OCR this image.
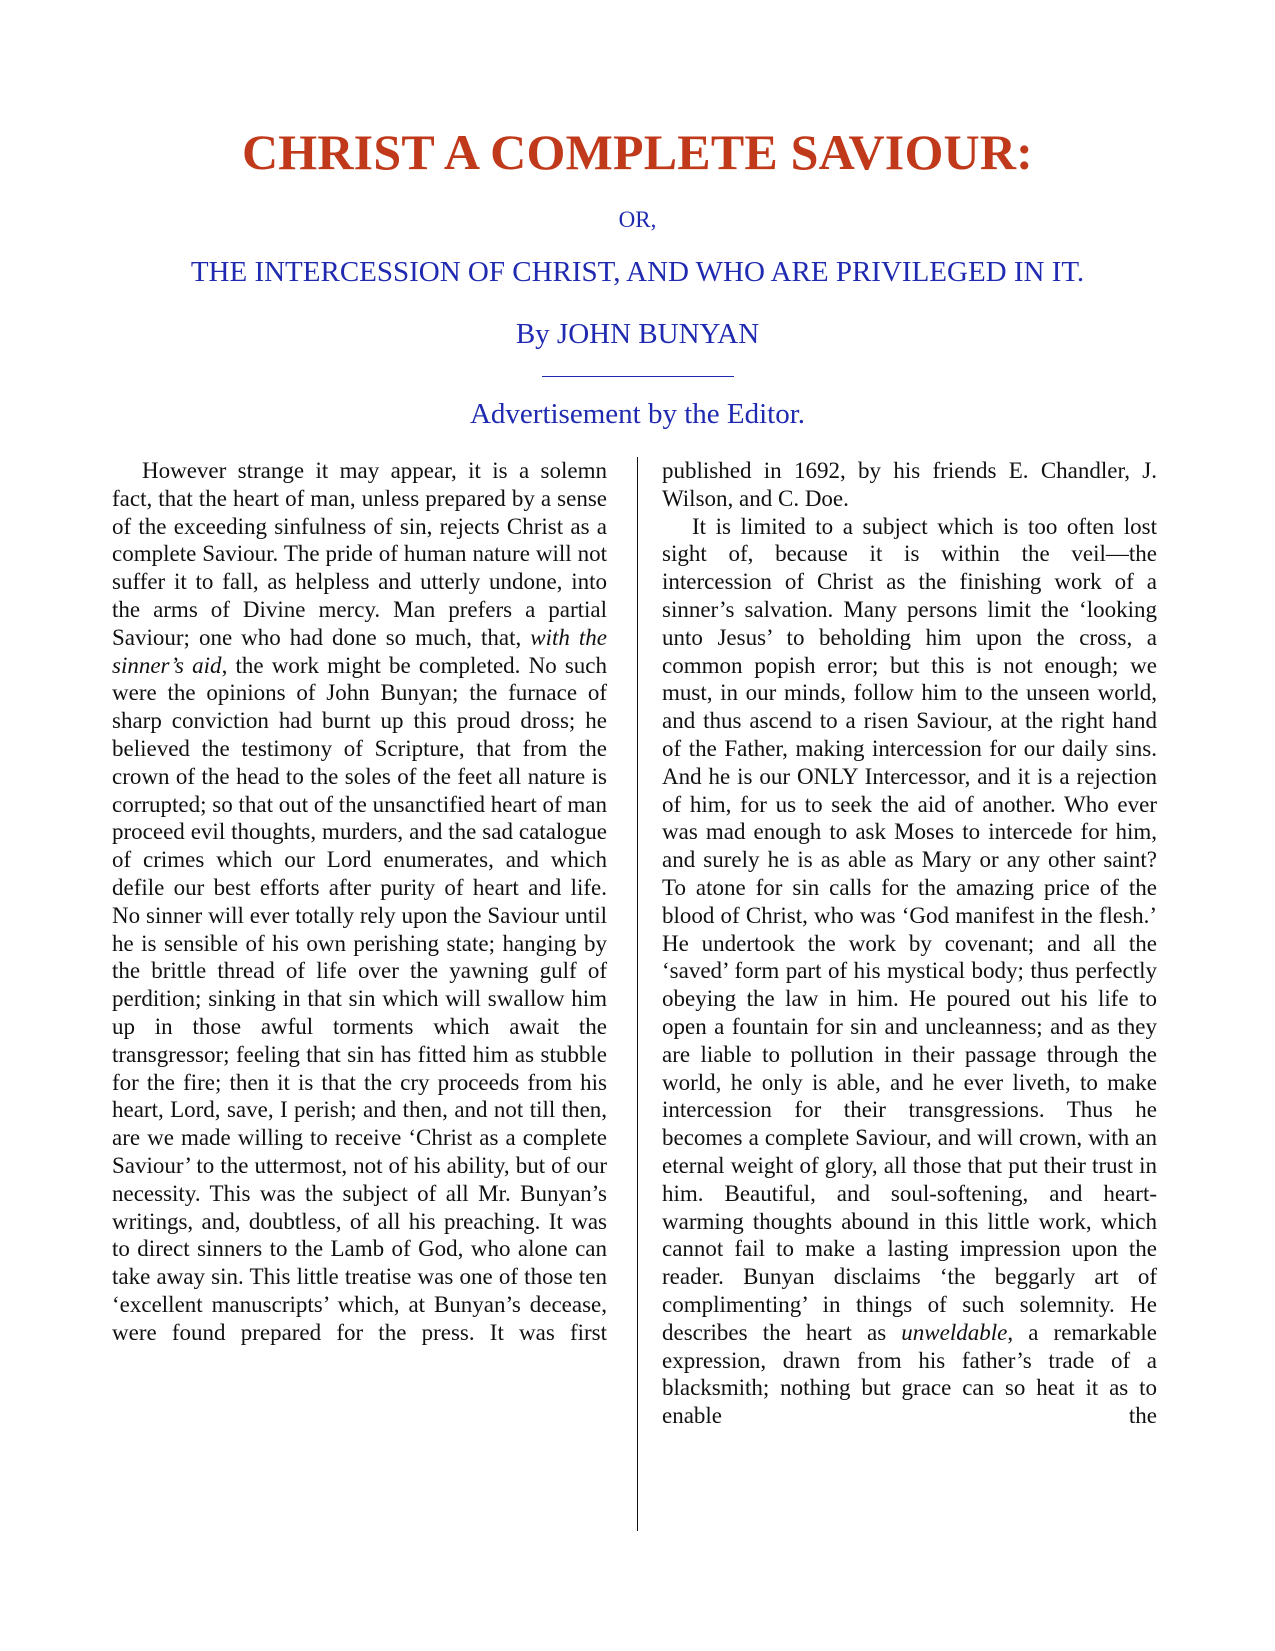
CHRIST A COMPLETE SAVIOUR:
OR,
THE INTERCESSION OF CHRIST, AND WHO ARE PRIVILEGED IN IT.
By JOHN BUNYAN
Advertisement by the Editor.

However strange it may appear, it is a solemn fact, that the heart of man, unless prepared by a sense of the exceeding sinfulness of sin, rejects Christ as a complete Saviour. The pride of human nature will not suffer it to fall, as helpless and utterly undone, into the arms of Divine mercy. Man prefers a partial Saviour; one who had done so much, that, with the sinner’s aid, the work might be completed. No such were the opinions of John Bunyan; the furnace of sharp conviction had burnt up this proud dross; he believed the testimony of Scripture, that from the crown of the head to the soles of the feet all nature is corrupted; so that out of the unsanctified heart of man proceed evil thoughts, murders, and the sad catalogue of crimes which our Lord enumerates, and which defile our best efforts after purity of heart and life. No sinner will ever totally rely upon the Saviour until he is sensible of his own perishing state; hanging by the brittle thread of life over the yawning gulf of perdition; sinking in that sin which will swallow him up in those awful torments which await the transgressor; feeling that sin has fitted him as stubble for the fire; then it is that the cry proceeds from his heart, Lord, save, I perish; and then, and not till then, are we made willing to receive ‘Christ as a complete Saviour’ to the uttermost, not of his ability, but of our necessity. This was the subject of all Mr. Bunyan’s writings, and, doubtless, of all his preaching. It was to direct sinners to the Lamb of God, who alone can take away sin. This little treatise was one of those ten ‘excellent manuscripts’ which, at Bunyan’s decease, were found prepared for the press. It was first

published in 1692, by his friends E. Chandler, J. Wilson, and C. Doe.

It is limited to a subject which is too often lost sight of, because it is within the veil—the intercession of Christ as the finishing work of a sinner’s salvation. Many persons limit the ‘looking unto Jesus’ to beholding him upon the cross, a common popish error; but this is not enough; we must, in our minds, follow him to the unseen world, and thus ascend to a risen Saviour, at the right hand of the Father, making intercession for our daily sins. And he is our ONLY Intercessor, and it is a rejection of him, for us to seek the aid of another. Who ever was mad enough to ask Moses to intercede for him, and surely he is as able as Mary or any other saint? To atone for sin calls for the amazing price of the blood of Christ, who was ‘God manifest in the flesh.’ He undertook the work by covenant; and all the ‘saved’ form part of his mystical body; thus perfectly obeying the law in him. He poured out his life to open a fountain for sin and uncleanness; and as they are liable to pollution in their passage through the world, he only is able, and he ever liveth, to make intercession for their transgressions. Thus he becomes a complete Saviour, and will crown, with an eternal weight of glory, all those that put their trust in him. Beautiful, and soul-softening, and heart- warming thoughts abound in this little work, which cannot fail to make a lasting impression upon the reader. Bunyan disclaims ‘the beggarly art of complimenting’ in things of such solemnity. He describes the heart as unweldable, a remarkable expression, drawn from his father’s trade of a blacksmith; nothing but grace can so heat it as to enable the
